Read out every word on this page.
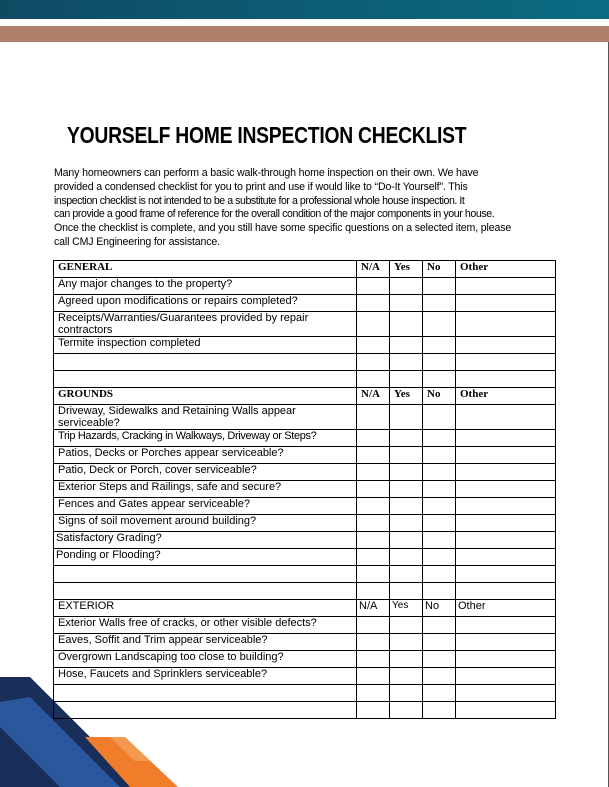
YOURSELF HOME INSPECTION CHECKLIST
Many homeowners can perform a basic walk-through home inspection on their own. We have
provided a condensed checklist for you to print and use if would like to “Do-It Yourself”. This
inspection checklist is not intended to be a substitute for a professional whole house inspection. It
can provide a good frame of reference for the overall condition of the major components in your house.
Once the checklist is complete, and you still have some specific questions on a selected item, please
call CMJ Engineering for assistance.
GENERAL	N/A	Yes	No	Other
Any major changes to the property?				
Agreed upon modifications or repairs completed?				
Receipts/Warranties/Guarantees provided by repair contractors				
Termite inspection completed				

GROUNDS	N/A	Yes	No	Other
Driveway, Sidewalks and Retaining Walls appear serviceable?				
Trip Hazards, Cracking in Walkways, Driveway or Steps?				
Patios, Decks or Porches appear serviceable?				
Patio, Deck or Porch, cover serviceable?				
Exterior Steps and Railings, safe and secure?				
Fences and Gates appear serviceable?				
Signs of soil movement around building?				
Satisfactory Grading?				
Ponding or Flooding?				

EXTERIOR	N/A	Yes	No	Other
Exterior Walls free of cracks, or other visible defects?				
Eaves, Soffit and Trim appear serviceable?				
Overgrown Landscaping too close to building?				
Hose, Faucets and Sprinklers serviceable?				
